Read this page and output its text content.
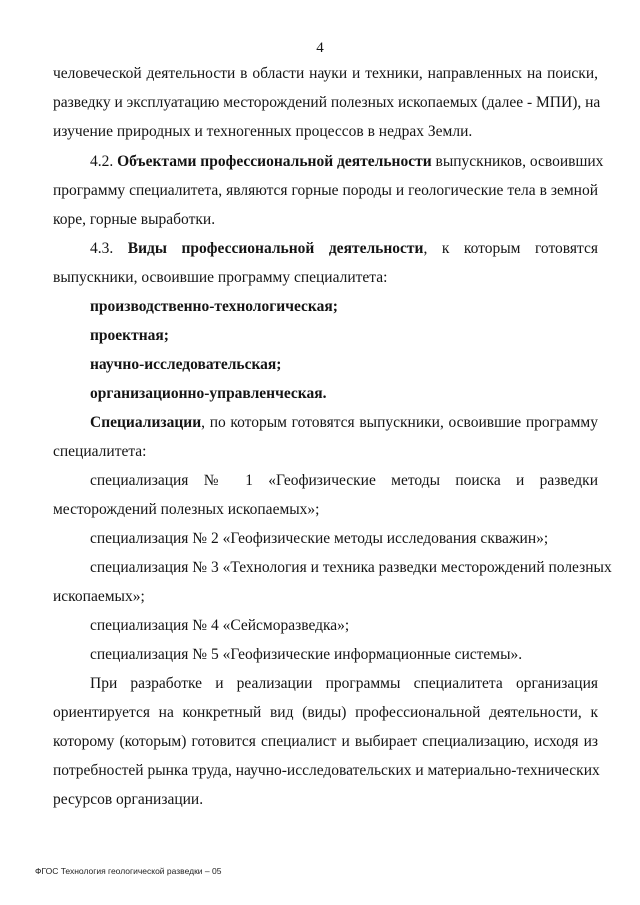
4
человеческой деятельности в области науки и техники, направленных на поиски,
разведку и эксплуатацию месторождений полезных ископаемых (далее - МПИ), на
изучение природных и техногенных процессов в недрах Земли.
4.2. Объектами профессиональной деятельности выпускников, освоивших
программу специалитета, являются горные породы и геологические тела в земной
коре, горные выработки.
4.3. Виды профессиональной деятельности, к которым готовятся
выпускники, освоившие программу специалитета:
производственно-технологическая;
проектная;
научно-исследовательская;
организационно-управленческая.
Специализации, по которым готовятся выпускники, освоившие программу
специалитета:
специализация № 1 «Геофизические методы поиска и разведки
месторождений полезных ископаемых»;
специализация № 2 «Геофизические методы исследования скважин»;
специализация № 3 «Технология и техника разведки месторождений полезных
ископаемых»;
специализация № 4 «Сейсморазведка»;
специализация № 5 «Геофизические информационные системы».
При разработке и реализации программы специалитета организация
ориентируется на конкретный вид (виды) профессиональной деятельности, к
которому (которым) готовится специалист и выбирает специализацию, исходя из
потребностей рынка труда, научно-исследовательских и материально-технических
ресурсов организации.
ФГОС Технология геологической разведки – 05
